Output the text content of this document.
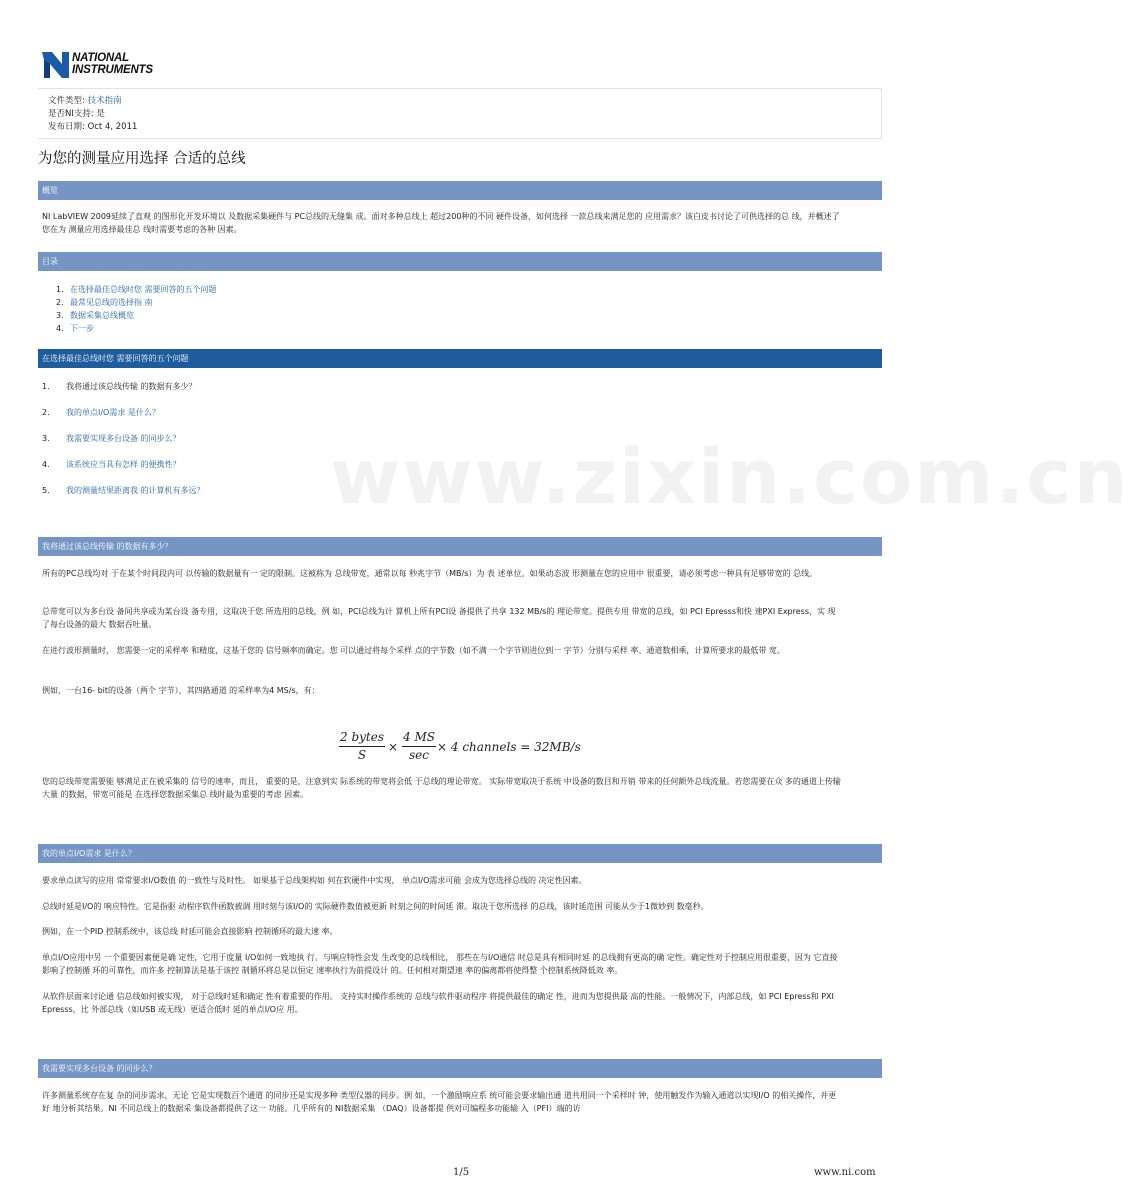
NATIONAL
INSTRUMENTS
文件类型: 技术指南
是否NI支持: 是
发布日期: Oct 4, 2011
为您的测量应用选择 合适的总线
概览
NI LabVIEW 2009延续了直观 的图形化开发环境以 及数据采集硬件与 PC总线的无缝集 成。面对多种总线上 超过200种的不同 硬件设备，如何选择 一款总线来满足您的 应用需求？该白皮书讨论了可供选择的总 线，并概述了您在为 测量应用选择最佳总 线时需要考虑的各种 因素。
目录
1. 在选择最佳总线时您 需要回答的五个问题
2. 最常见总线的选择指 南
3. 数据采集总线概览
4. 下一步
在选择最佳总线时您 需要回答的五个问题
1. 我将通过该总线传输 的数据有多少？
2. 我的单点I/O需求 是什么？
3. 我需要实现多台设备 的同步么？
4. 该系统应当具有怎样 的便携性？
5. 我的测量结果距离我 的计算机有多远？ www.zixin.com.cn
我将通过该总线传输 的数据有多少？
所有的PC总线均对 于在某个时间段内可 以传输的数据量有一 定的限制。这被称为 总线带宽，通常以每 秒兆字节（MB/s）为 表 述单位。如果动态波 形测量在您的应用中 很重要，请必须考虑一种具有足够带宽的 总线。
总带宽可以为多台设 备间共享或为某台设 备专用，这取决于您 所选用的总线，例 如，PCI总线为计 算机上所有PCI设 备提供了共享 132 MB/s的 理论带宽。提供专用 带宽的总线，如 PCI Epresss和快 速PXI Express，实 现了每台设备的最大 数据吞吐量。
在进行波形测量时， 您需要一定的采样率 和精度，这基于您的 信号频率而确定。您 可以通过将每个采样 点的字节数（如不满 一个字节则进位到一 字节）分别与采样 率、通道数相乘，计算所要求的最低带 宽。
例如，一台16- bit的设备（两个 字节），其四路通道 的采样率为4 MS/s，有：
2 bytes
S
×
4 MS
sec
× 4 channels = 32MB/s
您的总线带宽需要能 够满足正在被采集的 信号的速率，而且， 重要的是，注意到实 际系统的带宽将会低 于总线的理论带宽。 实际带宽取决于系统 中设备的数目和开销 带来的任何额外总线流量。若您需要在众 多的通道上传输大量 的数据，带宽可能是 在选择您数据采集总 线时最为重要的考虑 因素。
我的单点I/O需求 是什么？
要求单点读写的应用 常常要求I/O数值 的一致性与及时性。 如果基于总线架构如 何在软硬件中实现， 单点I/O需求可能 会成为您选择总线的 决定性因素。
总线时延是I/O的 响应特性。它是指驱 动程序软件函数被调 用时刻与该I/O的 实际硬件数值被更新 时刻之间的时间延 滞。取决于您所选择 的总线，该时延范围 可能从少于1微妙到 数毫秒。
例如，在一个PID 控制系统中，该总线 时延可能会直接影响 控制循环的最大速 率。
单点I/O应用中另 一个重要因素便是确 定性，它用于度量 I/O如何一致地执 行。与响应特性会发 生改变的总线相比， 那些在与I/O通信 时总是具有相同时延 的总线拥有更高的确 定性。确定性对于控制应用很重要，因为 它直接影响了控制循 环的可靠性，而许多 控制算法是基于该控 制循环将总是以恒定 速率执行为前提设计 的。任何相对期望速 率的偏离都将使得整 个控制系统降低效 率。
从软件层面来讨论通 信总线如何被实现， 对于总线时延和确定 性有着重要的作用。 支持实时操作系统的 总线与软件驱动程序 将提供最佳的确定 性，进而为您提供最 高的性能。一般情况下，内部总线，如 PCI Epress和 PXI Epresss，比 外部总线（如USB 或无线）更适合低时 延的单点I/O应 用。
我需要实现多台设备 的同步么？
许多测量系统存在复 杂的同步需求，无论 它是实现数百个通道 的同步还是实现多种 类型仪器的同步。例 如，一个激励响应系 统可能会要求输出通 道共用同一个采样时 钟，使用触发作为输入通道以实现I/O 的相关操作，并更好 地分析其结果。NI 不同总线上的数据采 集设备都提供了这一 功能。几乎所有的 NI数据采集 （DAQ）设备都提 供对可编程多功能输 入（PFI）端的访
1/5	www.ni.com
